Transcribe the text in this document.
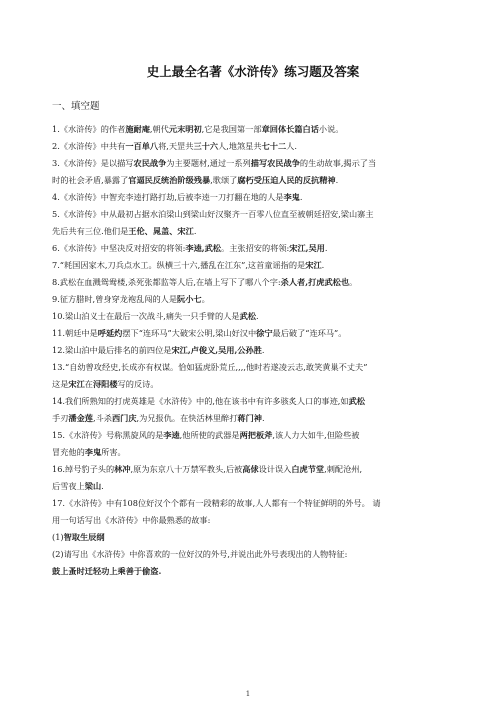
史上最全名著《水浒传》练习题及答案
一、填空题

1.《水浒传》的作者施耐庵,朝代元末明初,它是我国第一部章回体长篇白话小说。

2.《水浒传》中共有一百单八将,天罡共三十六人,地煞星共七十二人.

3.《水浒传》是以描写农民战争为主要题材,通过一系列描写农民战争的生动故事,揭示了当
时的社会矛盾,暴露了官逼民反统治阶级残暴,歌颂了腐朽受压迫人民的反抗精神.

4.《水浒传》中智充李逵打路打劫,后被李逵一刀打翻在地的人是李鬼.

5.《水浒传》中从最初占据水泊梁山到梁山好汉聚齐一百零八位直至被朝廷招安,梁山寨主
先后共有三位.他们是王伦、晁盖、宋江.

6.《水浒传》中坚决反对招安的将领:李逵,武松。主张招安的将领:宋江,吴用.

7.“耗国因家木,刀兵点水工。纵横三十六,播乱在江东”,这首童谣指的是宋江.

8.武松在血溅鸳鸯楼,杀死张都监等人后,在墙上写下了哪八个字:杀人者,打虎武松也。

9.征方腊时,曾身穿龙袍乱闯的人是阮小七。

10.梁山泊义士在最后一次战斗,痛失一只手臂的人是武松.

11.朝廷中是呼延灼摆下“连环马”大破宋公明,梁山好汉中徐宁最后破了“连环马”。

12.梁山泊中最后排名的前四位是宋江,卢俊义,吴用,公孙胜.

13.“自幼曾攻经史,长成亦有权谋。恰如猛虎卧荒丘,,,,他时若遂凌云志,敢笑黄巢不丈夫”
这是宋江在浔阳楼写的反诗。

14.我们所熟知的打虎英雄是《水浒传》中的,他在该书中有许多骇炙人口的事迹,如武松
手刃潘金莲,斗杀西门庆,为兄报仇。在快活林里醉打蒋门神.

15.《水浒传》号称黑旋风的是李逵,他所使的武器是两把板斧,该人力大如牛,但险些被
冒充他的李鬼所害。

16.绰号豹子头的林冲,原为东京八十万禁军教头,后被高俅设计误入白虎节堂,刺配沧州,
后雪夜上梁山.

17.《水浒传》中有108位好汉个个都有一段精彩的故事,人人都有一个特征鲜明的外号。 请
用一句话写出《水浒传》中你最熟悉的故事:

(1)智取生辰纲

(2)请写出《水浒传》中你喜欢的一位好汉的外号,并说出此外号表现出的人物特征:
鼓上蚤时迁轻功上乘善于偷盗.

1
